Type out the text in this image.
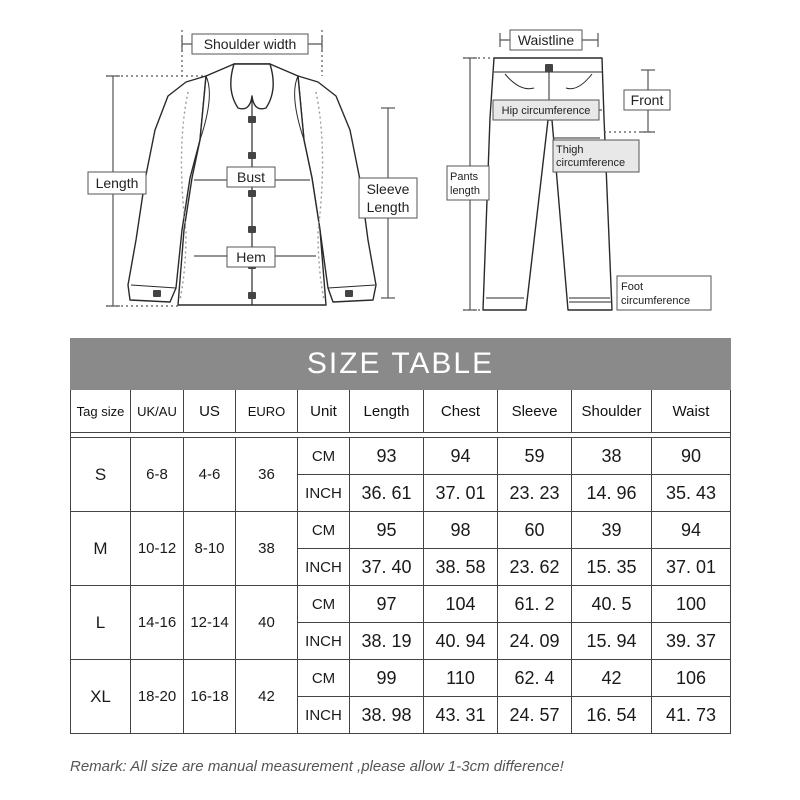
Shoulder width
Length	Bust
Hem
Sleeve
Length
Waistline
Front
Hip circumference
Thigh
circumference
Pants
length
Foot
circumference
SIZE TABLE									
Tag size	UK/AU	US	EURO	Unit	Length	Chest	Sleeve	Shoulder	Waist

S	6-8	4-6	36	CM	93	94	59	38	90
				INCH	36. 61	37. 01	23. 23	14. 96	35. 43
M	10-12	8-10	38	CM	95	98	60	39	94
				INCH	37. 40	38. 58	23. 62	15. 35	37. 01
L	14-16	12-14	40	CM	97	104	61. 2	40. 5	100
				INCH	38. 19	40. 94	24. 09	15. 94	39. 37
XL	18-20	16-18	42	CM	99	110	62. 4	42	106
				INCH	38. 98	43. 31	24. 57	16. 54	41. 73
Remark: All size are manual measurement ,please allow 1-3cm difference!
